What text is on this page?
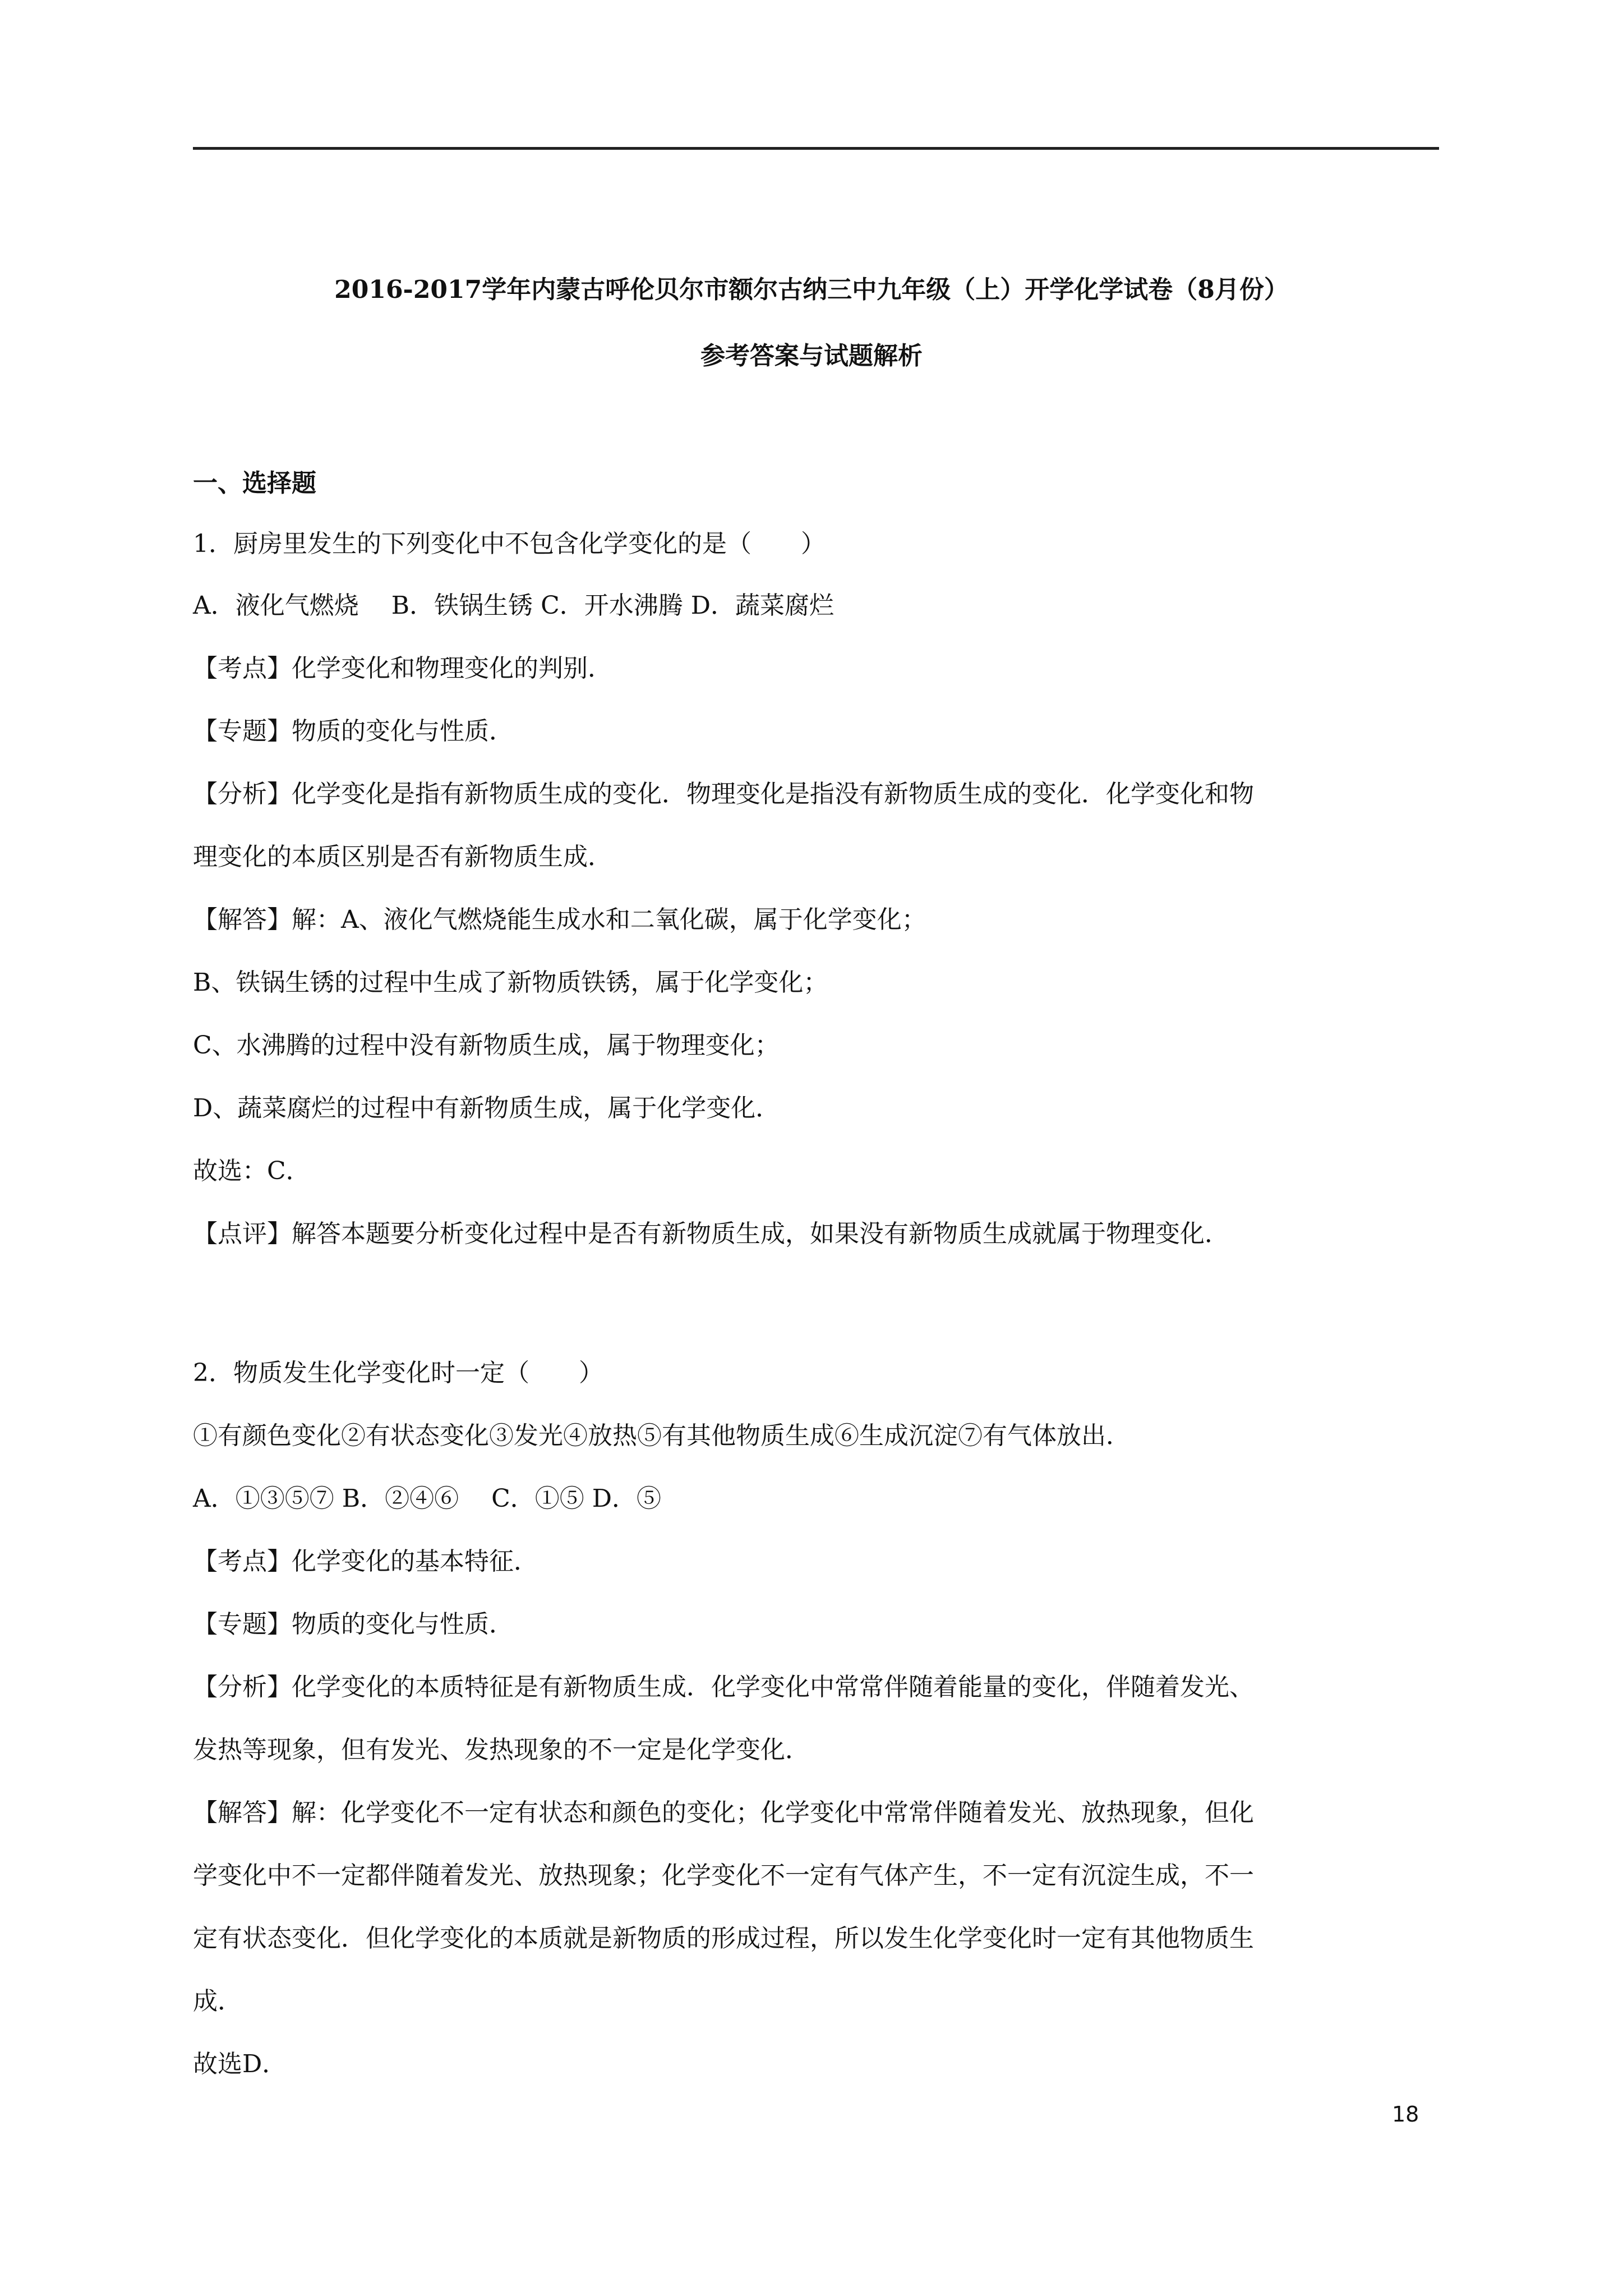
2016-2017学年内蒙古呼伦贝尔市额尔古纳三中九年级（上）开学化学试卷（8月份）
参考答案与试题解析
一、选择题
1．厨房里发生的下列变化中不包含化学变化的是（　　）
A．液化气燃烧　 B．铁锅生锈 C．开水沸腾 D．蔬菜腐烂
【考点】化学变化和物理变化的判别．
【专题】物质的变化与性质．
【分析】化学变化是指有新物质生成的变化．物理变化是指没有新物质生成的变化．化学变化和物
理变化的本质区别是否有新物质生成．
【解答】解：A、液化气燃烧能生成水和二氧化碳，属于化学变化；
B、铁锅生锈的过程中生成了新物质铁锈，属于化学变化；
C、水沸腾的过程中没有新物质生成，属于物理变化；
D、蔬菜腐烂的过程中有新物质生成，属于化学变化．
故选：C．
【点评】解答本题要分析变化过程中是否有新物质生成，如果没有新物质生成就属于物理变化．
2．物质发生化学变化时一定（　　）
①有颜色变化②有状态变化③发光④放热⑤有其他物质生成⑥生成沉淀⑦有气体放出．
A．①③⑤⑦ B．②④⑥　 C．①⑤ D．⑤
【考点】化学变化的基本特征．
【专题】物质的变化与性质．
【分析】化学变化的本质特征是有新物质生成．化学变化中常常伴随着能量的变化，伴随着发光、
发热等现象，但有发光、发热现象的不一定是化学变化．
【解答】解：化学变化不一定有状态和颜色的变化；化学变化中常常伴随着发光、放热现象，但化
学变化中不一定都伴随着发光、放热现象；化学变化不一定有气体产生，不一定有沉淀生成，不一
定有状态变化．但化学变化的本质就是新物质的形成过程，所以发生化学变化时一定有其他物质生
成．
故选D．
18
